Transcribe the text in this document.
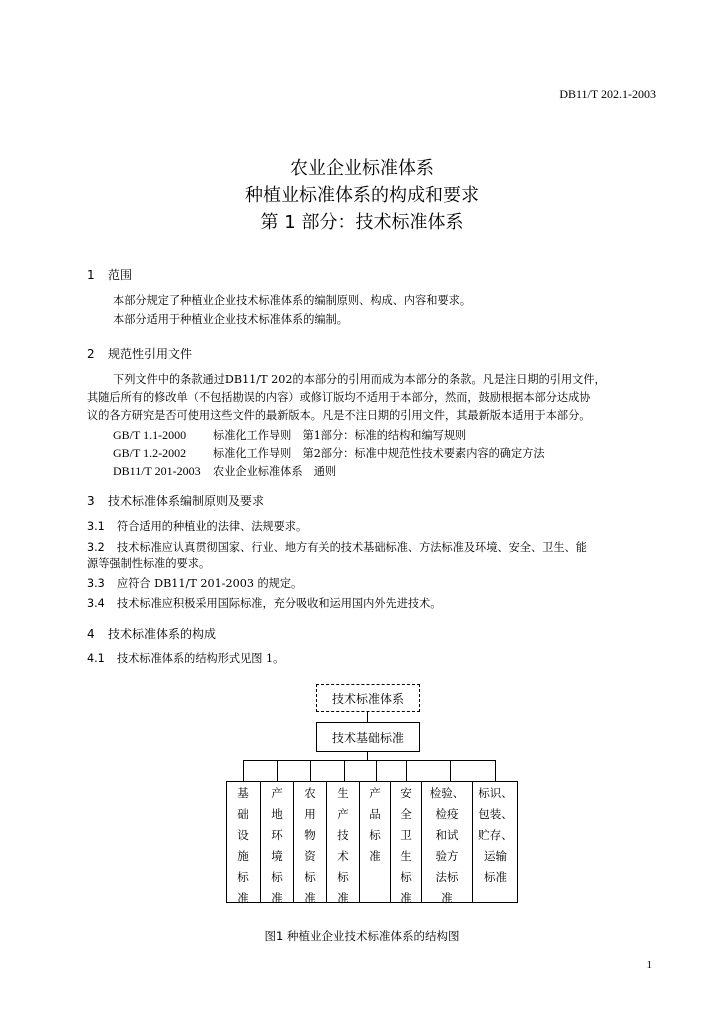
DB11/T 202.1-2003
农业企业标准体系
种植业标准体系的构成和要求
第 1 部分：技术标准体系
1 范围
本部分规定了种植业企业技术标准体系的编制原则、构成、内容和要求。
本部分适用于种植业企业技术标准体系的编制。
2 规范性引用文件
下列文件中的条款通过DB11/T 202的本部分的引用而成为本部分的条款。凡是注日期的引用文件，
其随后所有的修改单（不包括勘误的内容）或修订版均不适用于本部分，然而，鼓励根据本部分达成协
议的各方研究是否可使用这些文件的最新版本。凡是不注日期的引用文件，其最新版本适用于本部分。
GB/T 1.1-2000 标准化工作导则　第1部分：标准的结构和编写规则
GB/T 1.2-2002 标准化工作导则　第2部分：标准中规范性技术要素内容的确定方法
DB11/T 201-2003 农业企业标准体系　通则
3 技术标准体系编制原则及要求
3.1 符合适用的种植业的法律、法规要求。
3.2 技术标准应认真贯彻国家、行业、地方有关的技术基础标准、方法标准及环境、安全、卫生、能
源等强制性标准的要求。
3.3 应符合 DB11/T 201-2003 的规定。
3.4 技术标准应积极采用国际标准，充分吸收和运用国内外先进技术。
4 技术标准体系的构成
4.1 技术标准体系的结构形式见图 1。
技术标准体系
技术基础标准
基
础
设
施
标
准
产
地
环
境
标
准
农
用
物
资
标
准
生
产
技
术
标
准
产
品
标
准
安
全
卫
生
标
准
检验、
检疫
和试
验方
法标
准
标识、
包装、
贮存、
运输
标准
图1 种植业企业技术标准体系的结构图
1
